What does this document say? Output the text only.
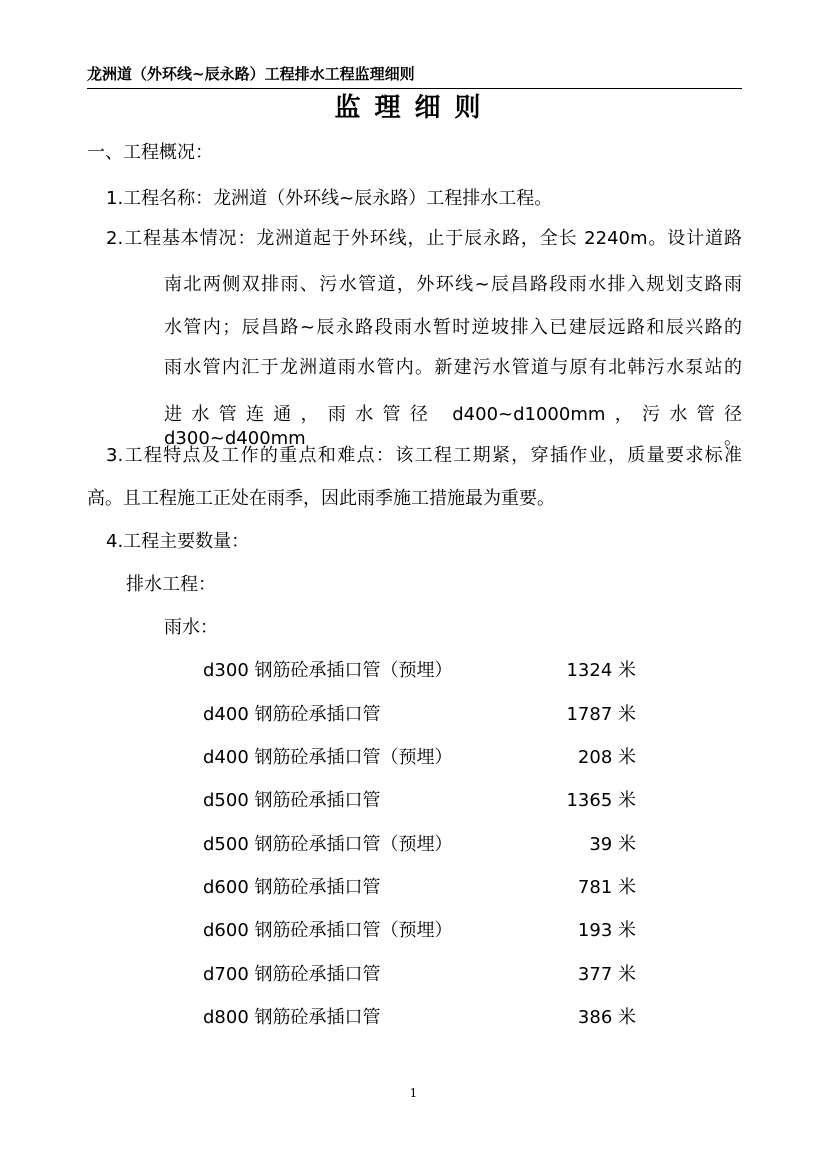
龙洲道（外环线~辰永路）工程排水工程监理细则
监理细则
一、工程概况：
1.工程名称：龙洲道（外环线~辰永路）工程排水工程。
2.工程基本情况：龙洲道起于外环线，止于辰永路，全长 2240m。设计道路
南北两侧双排雨、污水管道，外环线~辰昌路段雨水排入规划支路雨
水管内；辰昌路~辰永路段雨水暂时逆坡排入已建辰远路和辰兴路的
雨水管内汇于龙洲道雨水管内。新建污水管道与原有北韩污水泵站的
进水管连通，雨水管径 d400~d1000mm，污水管径 d300~d400mm。
3.工程特点及工作的重点和难点：该工程工期紧，穿插作业，质量要求标准
高。且工程施工正处在雨季，因此雨季施工措施最为重要。
4.工程主要数量：
排水工程：
雨水：
d300 钢筋砼承插口管（预埋）	1324 米
d400 钢筋砼承插口管	1787 米
d400 钢筋砼承插口管（预埋）	208 米
d500 钢筋砼承插口管	1365 米
d500 钢筋砼承插口管（预埋）	39 米
d600 钢筋砼承插口管	781 米
d600 钢筋砼承插口管（预埋）	193 米
d700 钢筋砼承插口管	377 米
d800 钢筋砼承插口管	386 米
1
